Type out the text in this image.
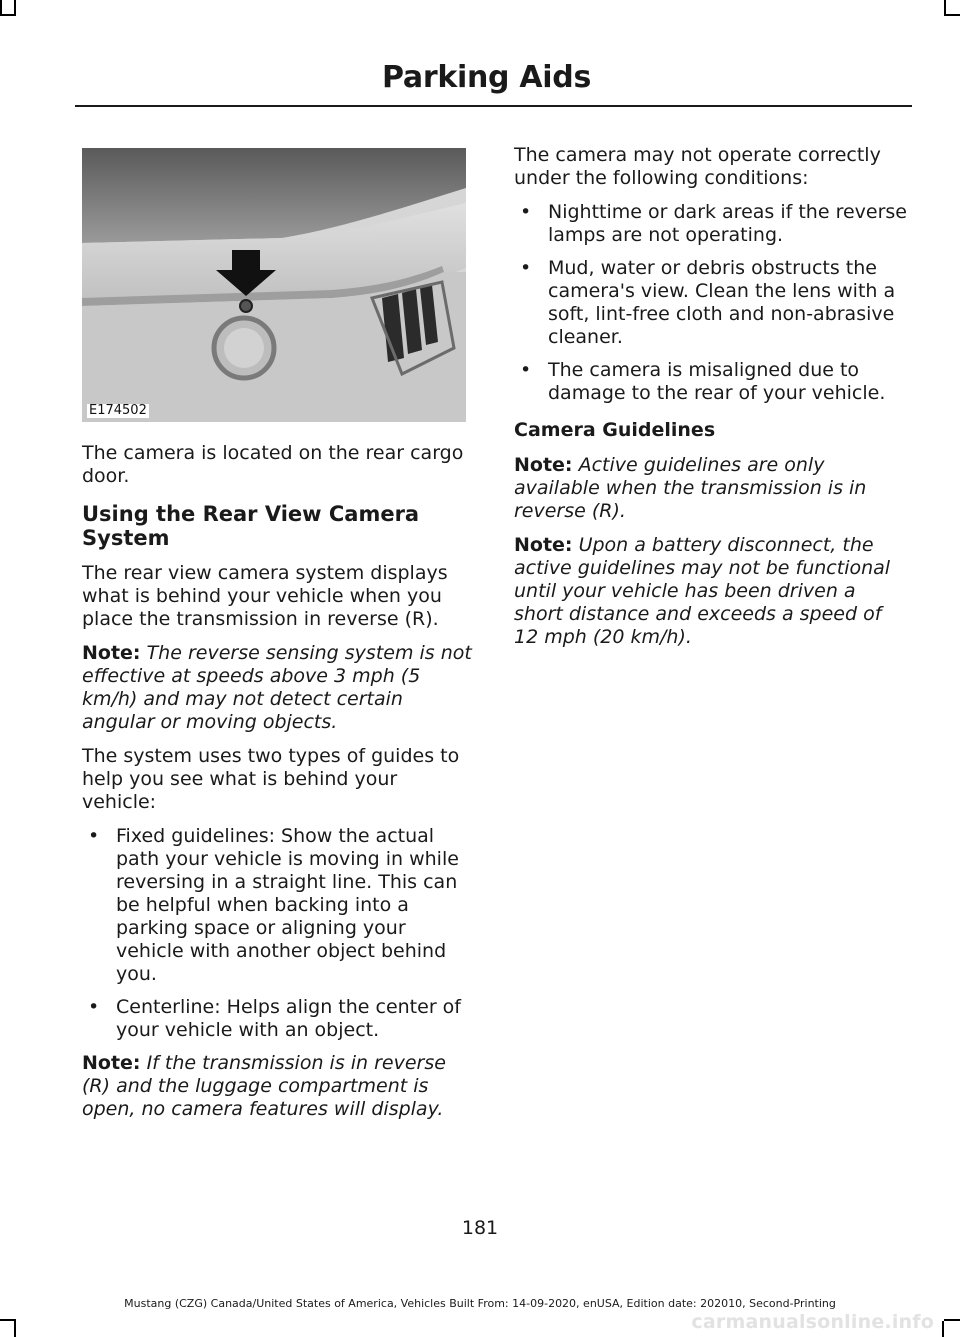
Parking Aids
E174502

The camera is located on the rear cargo door.

Using the Rear View Camera System

The rear view camera system displays what is behind your vehicle when you place the transmission in reverse (R).

Note: The reverse sensing system is not effective at speeds above 3 mph (5 km/h) and may not detect certain angular or moving objects.

The system uses two types of guides to help you see what is behind your vehicle:

• Fixed guidelines: Show the actual path your vehicle is moving in while reversing in a straight line. This can be helpful when backing into a parking space or aligning your vehicle with another object behind you.
• Centerline: Helps align the center of your vehicle with an object.

Note: If the transmission is in reverse (R) and the luggage compartment is open, no camera features will display.

The camera may not operate correctly under the following conditions:

• Nighttime or dark areas if the reverse lamps are not operating.
• Mud, water or debris obstructs the camera's view. Clean the lens with a soft, lint-free cloth and non-abrasive cleaner.
• The camera is misaligned due to damage to the rear of your vehicle.
Camera Guidelines

Note: Active guidelines are only available when the transmission is in reverse (R).

Note: Upon a battery disconnect, the active guidelines may not be functional until your vehicle has been driven a short distance and exceeds a speed of 12 mph (20 km/h).

181
Mustang (CZG) Canada/United States of America, Vehicles Built From: 14-09-2020, enUSA, Edition date: 202010, Second-Printing
carmanualsonline.info
